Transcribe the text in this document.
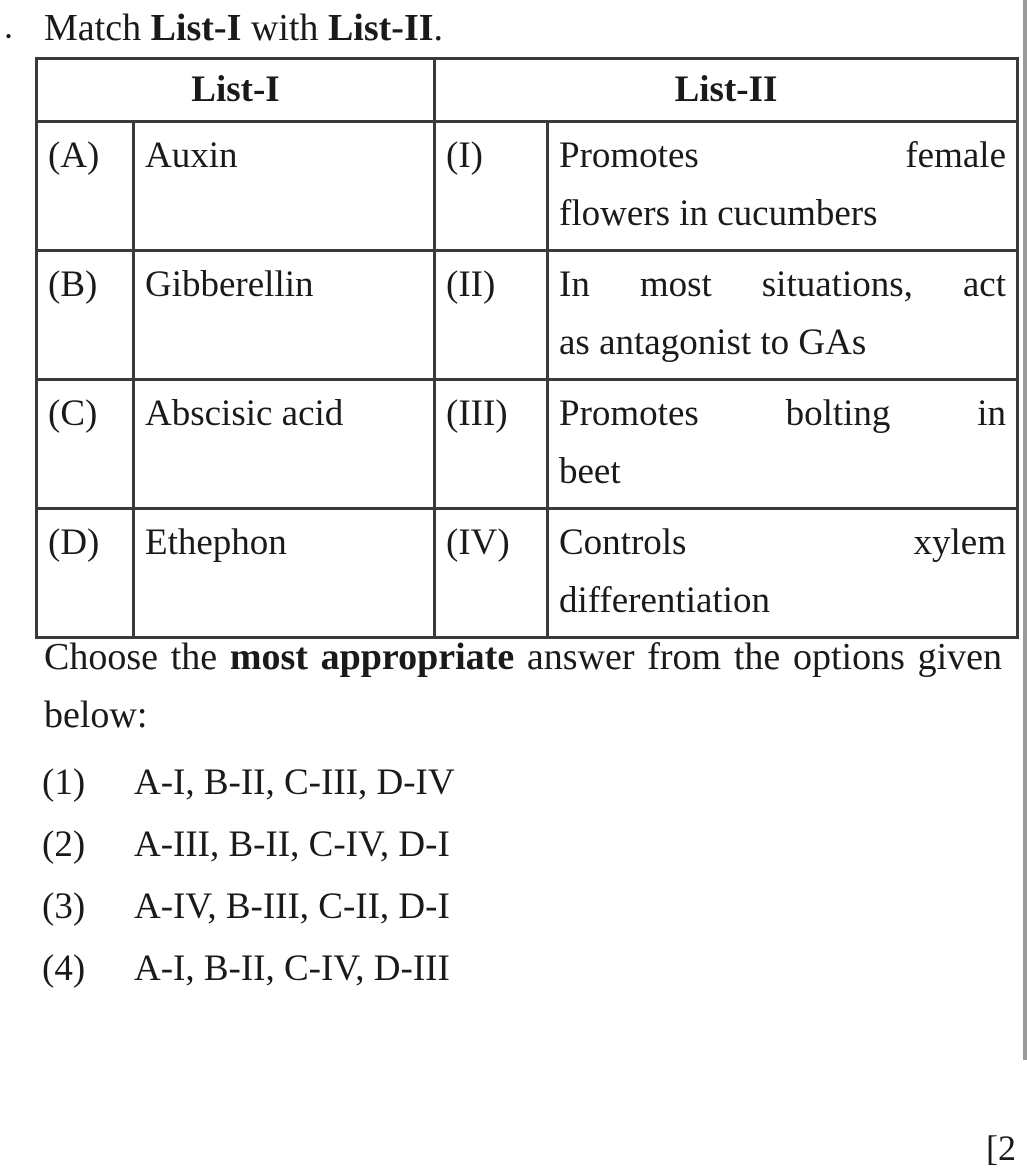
. Match List-I with List-II.
List-I		List-II	
(A)	Auxin	(I)	Promotes female
flowers in cucumbers

(B)	Gibberellin	(II)	In most situations, act
as antagonist to GAs

(C)	Abscisic acid	(III)	Promotes bolting in
beet

(D)	Ethephon	(IV)	Controls xylem
differentiation
Choose the most appropriate answer from the options given below:
(1) A-I, B-II, C-III, D-IV
(2) A-III, B-II, C-IV, D-I
(3) A-IV, B-III, C-II, D-I
(4) A-I, B-II, C-IV, D-III
[2
